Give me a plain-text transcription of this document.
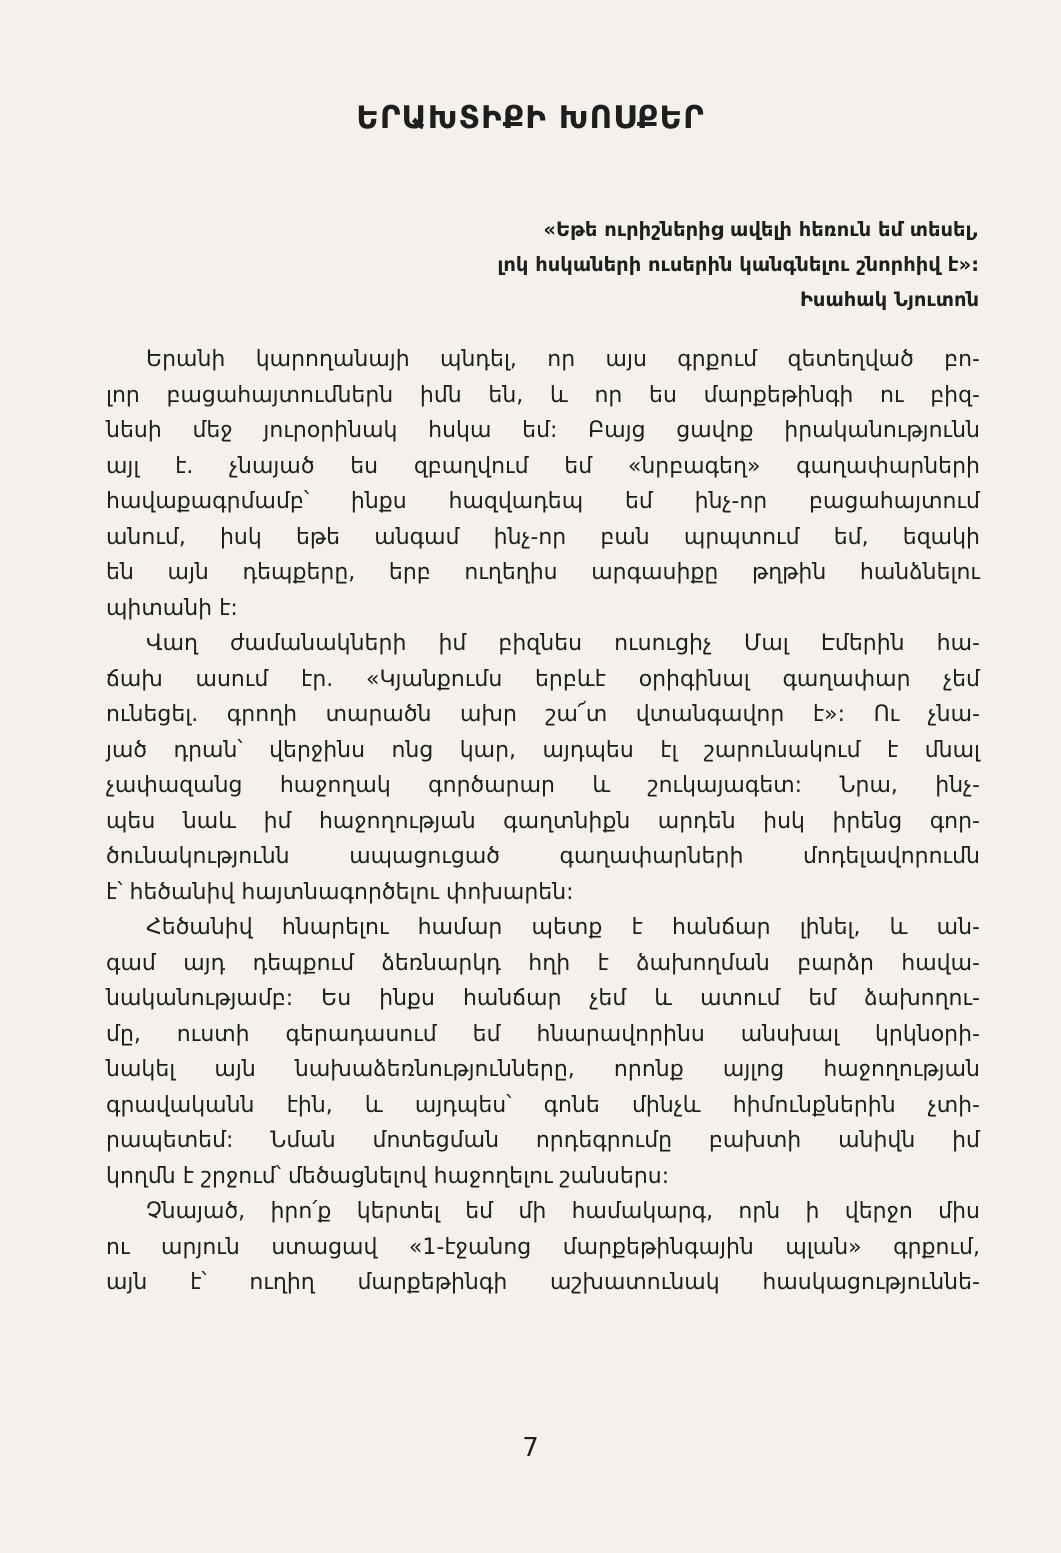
ԵՐԱԽՏԻՔԻ ԽՈՍՔԵՐ
«Եթե ուրիշներից ավելի հեռուն եմ տեսել,
լոկ հսկաների ուսերին կանգնելու շնորհիվ է»:
Իսահակ Նյուտոն
Երանի կարողանայի պնդել, որ այս գրքում զետեղված բո-
լոր բացահայտումներն իմն են, և որ ես մարքեթինգի ու բիզ-
նեսի մեջ յուրօրինակ հսկա եմ: Բայց ցավոք իրականությունն
այլ է. չնայած ես զբաղվում եմ «նրբագեղ» գաղափարների
հավաքագրմամբ՝ ինքս հազվադեպ եմ ինչ-որ բացահայտում
անում, իսկ եթե անգամ ինչ-որ բան պրպտում եմ, եզակի
են այն դեպքերը, երբ ուղեղիս արգասիքը թղթին հանձնելու
պիտանի է:
Վաղ ժամանակների իմ բիզնես ուսուցիչ Մալ Էմերին հա-
ճախ ասում էր. «Կյանքումս երբևէ օրիգինալ գաղափար չեմ
ունեցել. գրողի տարածն ախր շա՜տ վտանգավոր է»: Ու չնա-
յած դրան՝ վերջինս ոնց կար, այդպես էլ շարունակում է մնալ
չափազանց հաջողակ գործարար և շուկայագետ: Նրա, ինչ-
պես նաև իմ հաջողության գաղտնիքն արդեն իսկ իրենց գոր-
ծունակությունն ապացուցած գաղափարների մոդելավորումն
է՝ հեծանիվ հայտնագործելու փոխարեն:
Հեծանիվ հնարելու համար պետք է հանճար լինել, և ան-
գամ այդ դեպքում ձեռնարկդ հղի է ձախողման բարձր հավա-
նականությամբ: Ես ինքս հանճար չեմ և ատում եմ ձախողու-
մը, ուստի գերադասում եմ հնարավորինս անսխալ կրկնօրի-
նակել այն նախաձեռնությունները, որոնք այլոց հաջողության
գրավականն էին, և այդպես՝ գոնե մինչև հիմունքներին չտի-
րապետեմ: Նման մոտեցման որդեգրումը բախտի անիվն իմ
կողմն է շրջում՝ մեծացնելով հաջողելու շանսերս:
Չնայած, իրո՛ք կերտել եմ մի համակարգ, որն ի վերջո միս
ու արյուն ստացավ «1-էջանոց մարքեթինգային պլան» գրքում,
այն է՝ ուղիղ մարքեթինգի աշխատունակ հասկացություննե-
7
